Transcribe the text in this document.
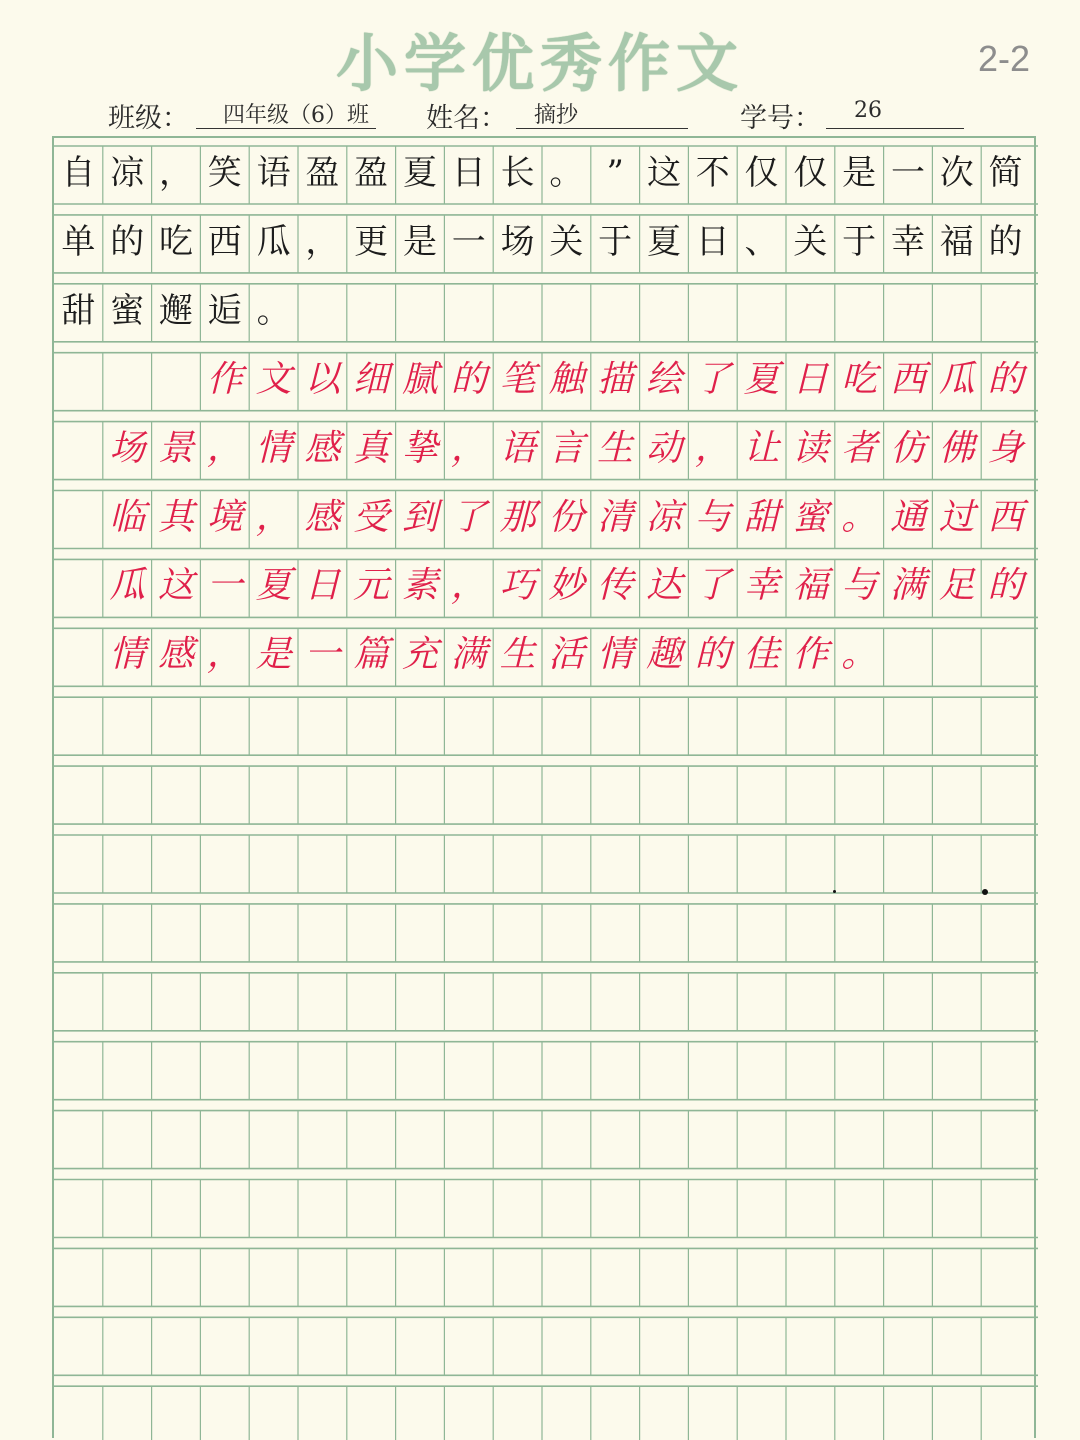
小学优秀作文	2-2
班级：	四年级（6）班	姓名：	摘抄	学号：	26
自 凉 ， 笑 语 盈 盈 夏 日 长 。 ” 这 不 仅 仅 是 一 次 简
单 的 吃 西 瓜 ， 更 是 一 场 关 于 夏 日 、 关 于 幸 福 的
甜 蜜 邂 逅 。
作 文 以 细 腻 的 笔 触 描 绘 了 夏 日 吃 西 瓜 的
场 景 ， 情 感 真 挚 ， 语 言 生 动 ， 让 读 者 仿 佛 身
临 其 境 ， 感 受 到 了 那 份 清 凉 与 甜 蜜 。 通 过 西
瓜 这 一 夏 日 元 素 ， 巧 妙 传 达 了 幸 福 与 满 足 的
情 感 ， 是 一 篇 充 满 生 活 情 趣 的 佳 作 。
